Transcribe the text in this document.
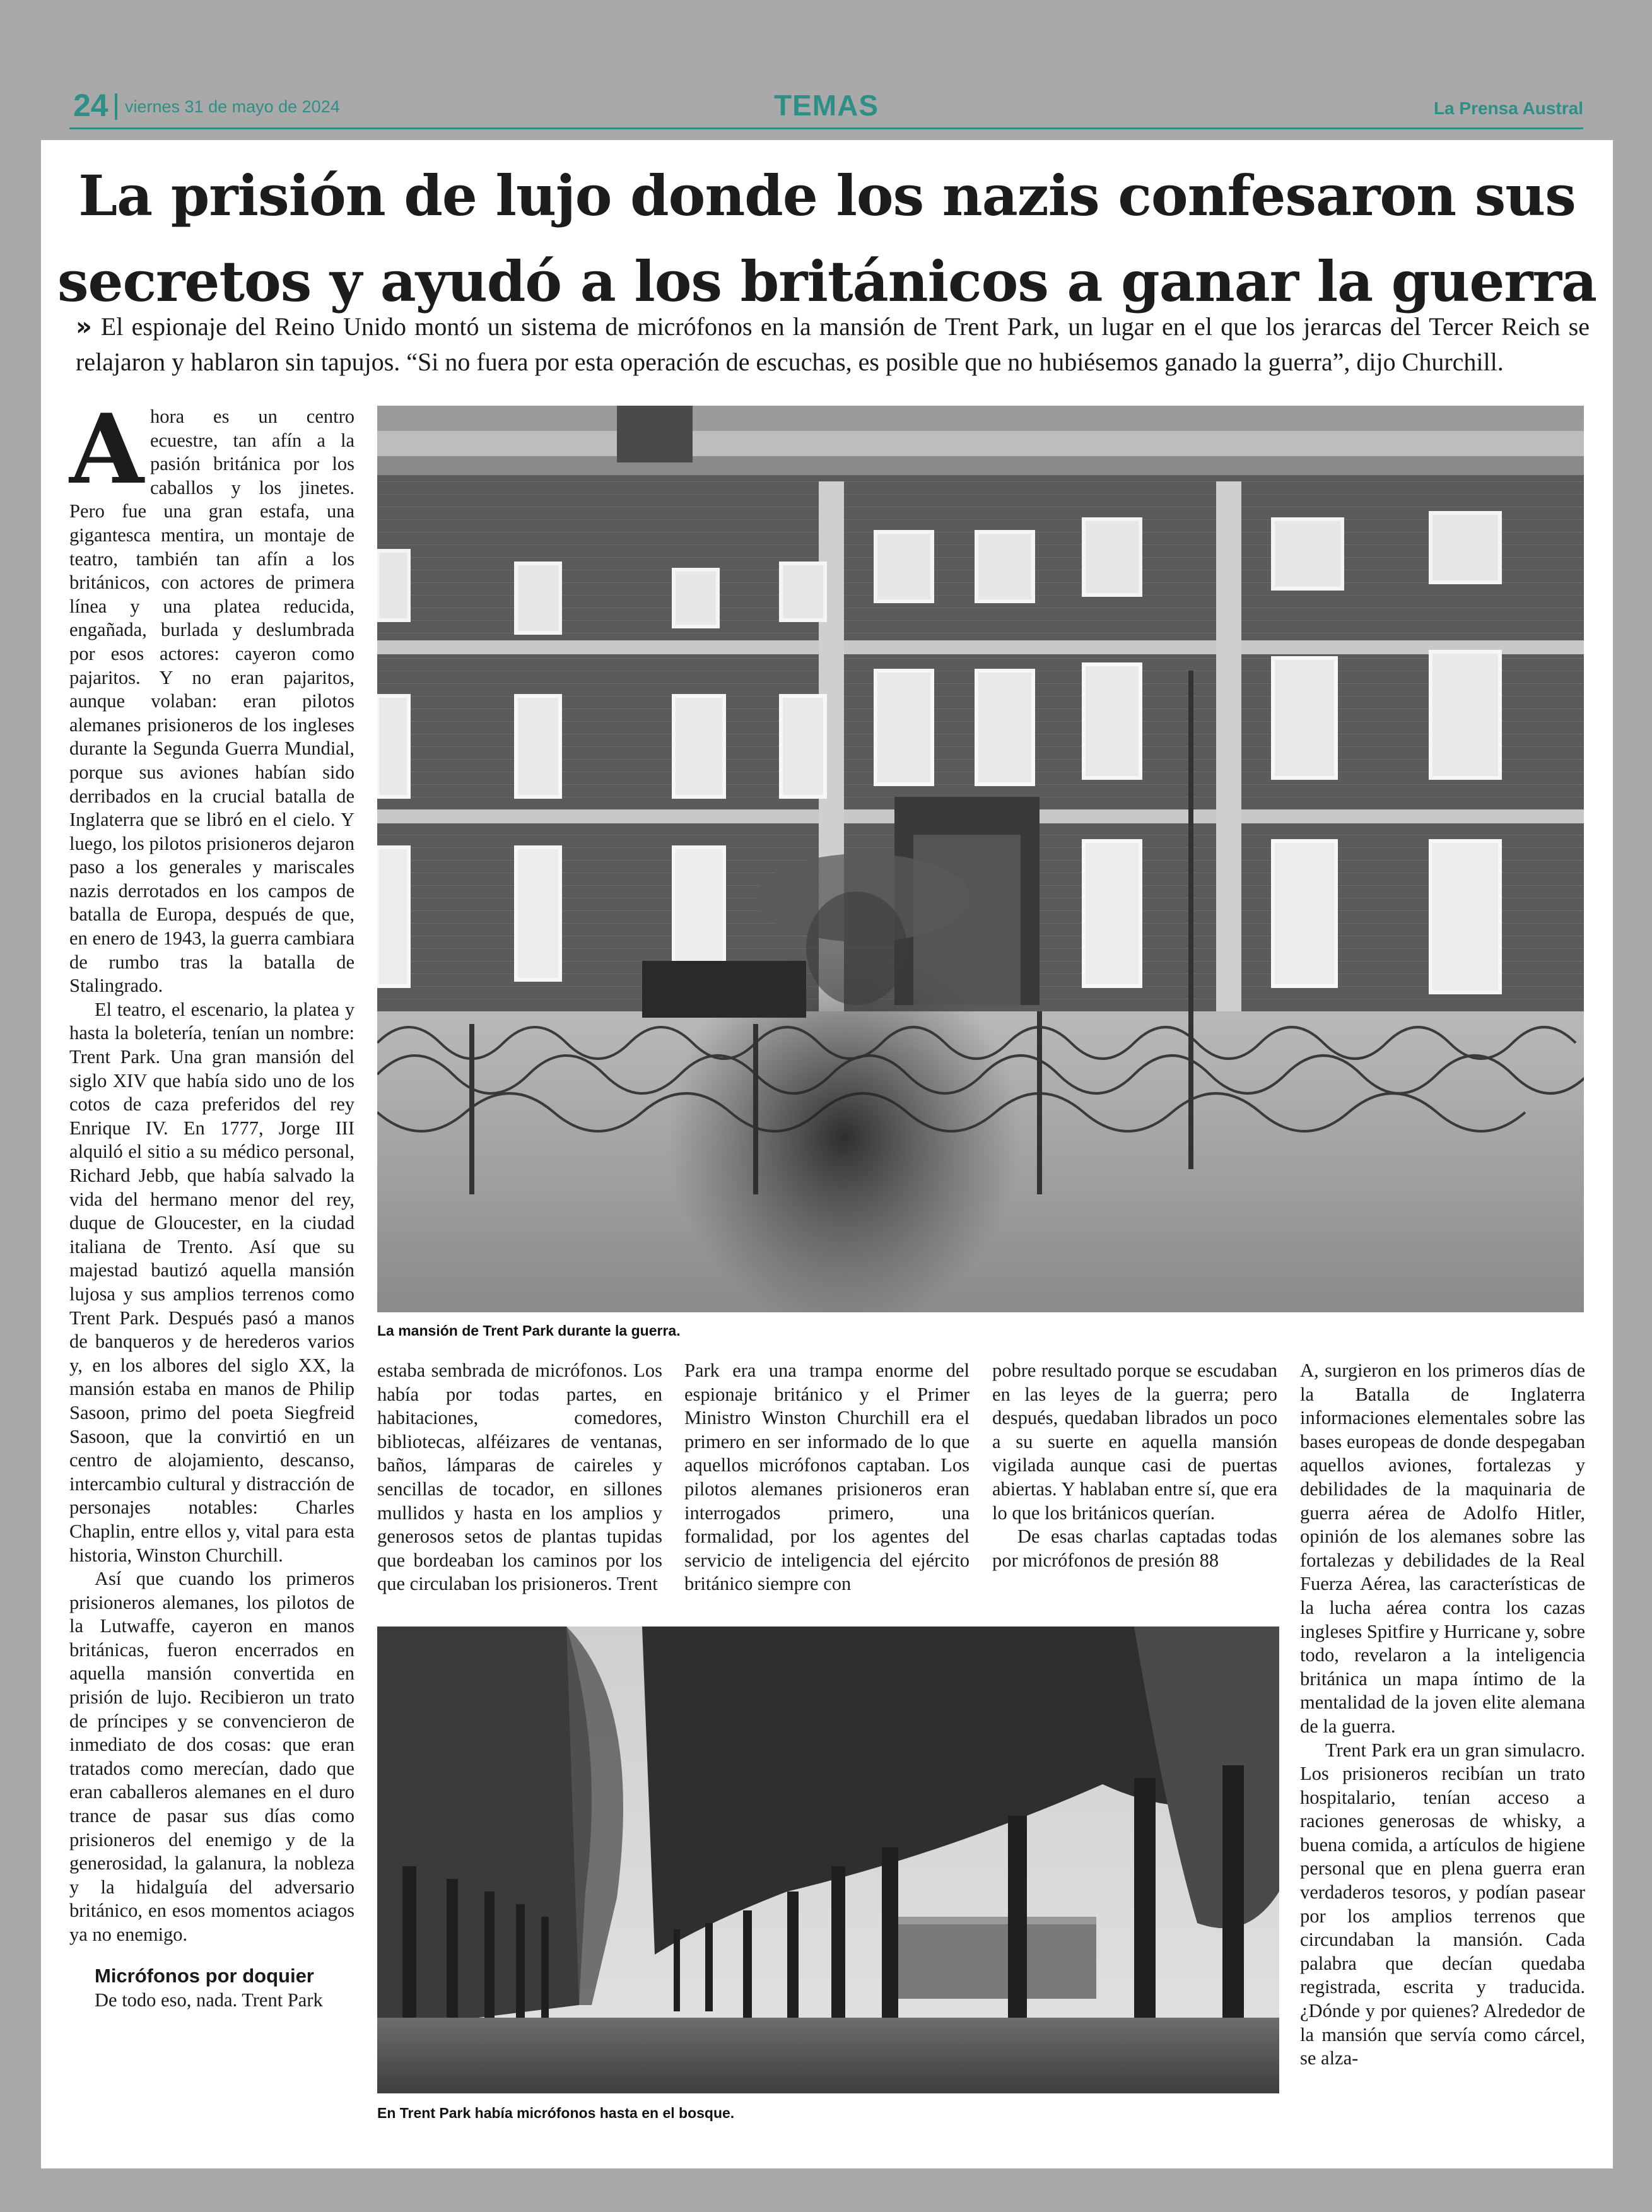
24 viernes 31 de mayo de 2024	TEMAS	La Prensa Austral
La prisión de lujo donde los nazis confesaron sus
secretos y ayudó a los británicos a ganar la guerra
» El espionaje del Reino Unido montó un sistema de micrófonos en la mansión de Trent Park, un lugar en el que los jerarcas del Tercer Reich se relajaron y hablaron sin tapujos. “Si no fuera por esta operación de escuchas, es posible que no hubiésemos ganado la guerra”, dijo Churchill.

Ahora es un centro ecuestre, tan afín a la pasión británica por los caballos y los jinetes. Pero fue una gran estafa, una gigantesca mentira, un montaje de teatro, también tan afín a los británicos, con actores de primera línea y una platea reducida, engañada, burlada y deslumbrada por esos actores: cayeron como pajaritos. Y no eran pajaritos, aunque volaban: eran pilotos alemanes prisioneros de los ingleses durante la Segunda Guerra Mundial, porque sus aviones habían sido derribados en la crucial batalla de Inglaterra que se libró en el cielo. Y luego, los pilotos prisioneros dejaron paso a los generales y mariscales nazis derrotados en los campos de batalla de Europa, después de que, en enero de 1943, la guerra cambiara de rumbo tras la batalla de Stalingrado.

El teatro, el escenario, la platea y hasta la boletería, tenían un nombre: Trent Park. Una gran mansión del siglo XIV que había sido uno de los cotos de caza preferidos del rey Enrique IV. En 1777, Jorge III alquiló el sitio a su médico personal, Richard Jebb, que había salvado la vida del hermano menor del rey, duque de Gloucester, en la ciudad italiana de Trento. Así que su majestad bautizó aquella mansión lujosa y sus amplios terrenos como Trent Park. Después pasó a manos de banqueros y de herederos varios y, en los albores del siglo XX, la mansión estaba en manos de Philip Sasoon, primo del poeta Siegfreid Sasoon, que la convirtió en un centro de alojamiento, descanso, intercambio cultural y distracción de personajes notables: Charles Chaplin, entre ellos y, vital para esta historia, Winston Churchill.

Así que cuando los primeros prisioneros alemanes, los pilotos de la Lutwaffe, cayeron en manos británicas, fueron encerrados en aquella mansión convertida en prisión de lujo. Recibieron un trato de príncipes y se convencieron de inmediato de dos cosas: que eran tratados como merecían, dado que eran caballeros alemanes en el duro trance de pasar sus días como prisioneros del enemigo y de la generosidad, la galanura, la nobleza y la hidalguía del adversario británico, en esos momentos aciagos ya no enemigo.

Micrófonos por doquier

De todo eso, nada. Trent Park

La mansión de Trent Park durante la guerra.

estaba sembrada de micrófonos. Los había por todas partes, en habitaciones, comedores, bibliotecas, alféizares de ventanas, baños, lámparas de caireles y sencillas de tocador, en sillones mullidos y hasta en los amplios y generosos setos de plantas tupidas que bordeaban los caminos por los que circulaban los prisioneros. Trent

Park era una trampa enorme del espionaje británico y el Primer Ministro Winston Churchill era el primero en ser informado de lo que aquellos micrófonos captaban. Los pilotos alemanes prisioneros eran interrogados primero, una formalidad, por los agentes del servicio de inteligencia del ejército británico siempre con

pobre resultado porque se escudaban en las leyes de la guerra; pero después, quedaban librados un poco a su suerte en aquella mansión vigilada aunque casi de puertas abiertas. Y hablaban entre sí, que era lo que los británicos querían.

De esas charlas captadas todas por micrófonos de presión 88

A, surgieron en los primeros días de la Batalla de Inglaterra informaciones elementales sobre las bases europeas de donde despegaban aquellos aviones, fortalezas y debilidades de la maquinaria de guerra aérea de Adolfo Hitler, opinión de los alemanes sobre las fortalezas y debilidades de la Real Fuerza Aérea, las características de la lucha aérea contra los cazas ingleses Spitfire y Hurricane y, sobre todo, revelaron a la inteligencia británica un mapa íntimo de la mentalidad de la joven elite alemana de la guerra.

Trent Park era un gran simulacro. Los prisioneros recibían un trato hospitalario, tenían acceso a raciones generosas de whisky, a buena comida, a artículos de higiene personal que en plena guerra eran verdaderos tesoros, y podían pasear por los amplios terrenos que circundaban la mansión. Cada palabra que decían quedaba registrada, escrita y traducida. ¿Dónde y por quienes? Alrededor de la mansión que servía como cárcel, se alza-

En Trent Park había micrófonos hasta en el bosque.
